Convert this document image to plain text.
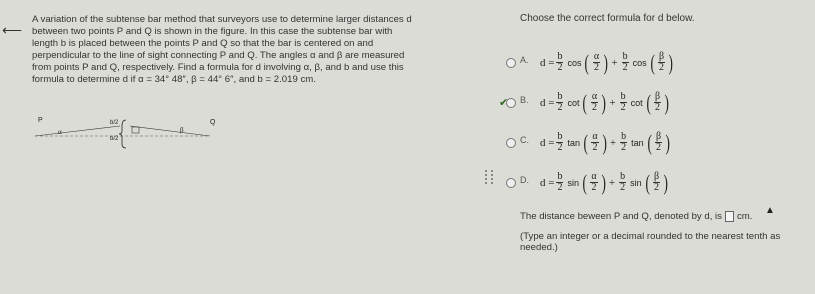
⟵
A variation of the subtense bar method that surveyors use to determine larger distances d
between two points P and Q is shown in the figure. In this case the subtense bar with
length b is placed between the points P and Q so that the bar is centered on and
perpendicular to the line of sight connecting P and Q. The angles α and β are measured
from points P and Q, respectively. Find a formula for d involving α, β, and b and use this
formula to determine d if α = 34° 48″, β = 44° 6″, and b = 2.019 cm.
P	Q
α	β
b/2
b/2
Choose the correct formula for d below.
A.	$d = \frac{b}{2}$ cos ( $\frac{\alpha}{2}$ ) + $\frac{b}{2}$ cos ( $\frac{\beta}{2}$ )
✔ B.	$d = \frac{b}{2}$ cot ( $\frac{\alpha}{2}$ ) + $\frac{b}{2}$ cot ( $\frac{\beta}{2}$ )
C.	$d = \frac{b}{2}$ tan ( $\frac{\alpha}{2}$ ) + $\frac{b}{2}$ tan ( $\frac{\beta}{2}$ )
D.	$d = \frac{b}{2}$ sin ( $\frac{\alpha}{2}$ ) + $\frac{b}{2}$ sin ( $\frac{\beta}{2}$ )
The distance beween P and Q, denoted by d, is cm.
(Type an integer or a decimal rounded to the nearest tenth as needed.)
▲
